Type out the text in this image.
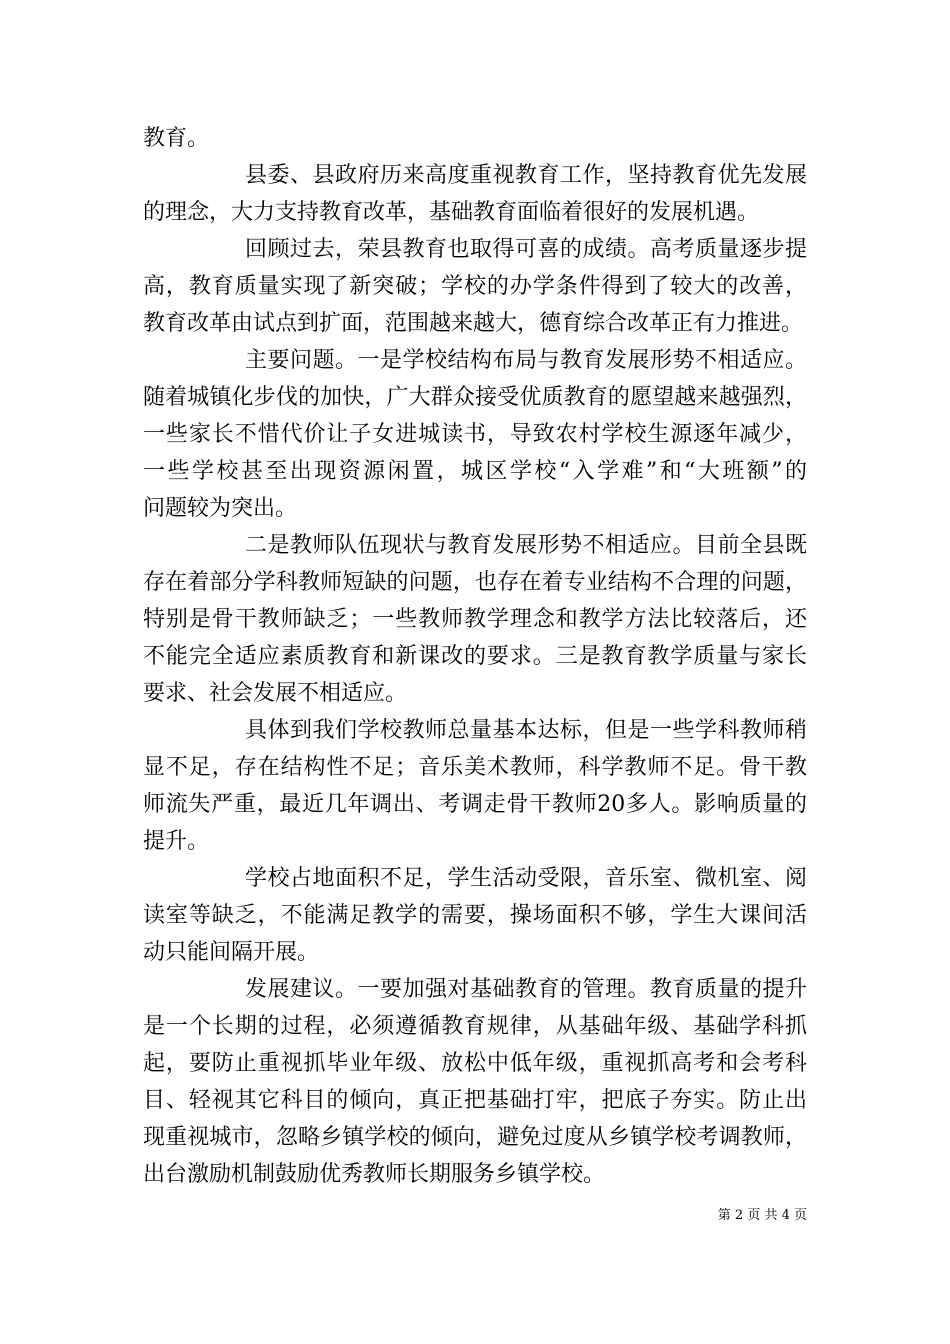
教育。
县委、县政府历来高度重视教育工作，坚持教育优先发展
的理念，大力支持教育改革，基础教育面临着很好的发展机遇。
回顾过去，荣县教育也取得可喜的成绩。高考质量逐步提
高，教育质量实现了新突破；学校的办学条件得到了较大的改善，
教育改革由试点到扩面，范围越来越大，德育综合改革正有力推进。
主要问题。一是学校结构布局与教育发展形势不相适应。
随着城镇化步伐的加快，广大群众接受优质教育的愿望越来越强烈，
一些家长不惜代价让子女进城读书，导致农村学校生源逐年减少，
一些学校甚至出现资源闲置，城区学校“入学难”和“大班额”的
问题较为突出。
二是教师队伍现状与教育发展形势不相适应。目前全县既
存在着部分学科教师短缺的问题，也存在着专业结构不合理的问题，
特别是骨干教师缺乏；一些教师教学理念和教学方法比较落后，还
不能完全适应素质教育和新课改的要求。三是教育教学质量与家长
要求、社会发展不相适应。
具体到我们学校教师总量基本达标，但是一些学科教师稍
显不足，存在结构性不足；音乐美术教师，科学教师不足。骨干教
师流失严重，最近几年调出、考调走骨干教师20多人。影响质量的
提升。
学校占地面积不足，学生活动受限，音乐室、微机室、阅
读室等缺乏，不能满足教学的需要，操场面积不够，学生大课间活
动只能间隔开展。
发展建议。一要加强对基础教育的管理。教育质量的提升
是一个长期的过程，必须遵循教育规律，从基础年级、基础学科抓
起，要防止重视抓毕业年级、放松中低年级，重视抓高考和会考科
目、轻视其它科目的倾向，真正把基础打牢，把底子夯实。防止出
现重视城市，忽略乡镇学校的倾向，避免过度从乡镇学校考调教师，
出台激励机制鼓励优秀教师长期服务乡镇学校。
第 2 页 共 4 页
